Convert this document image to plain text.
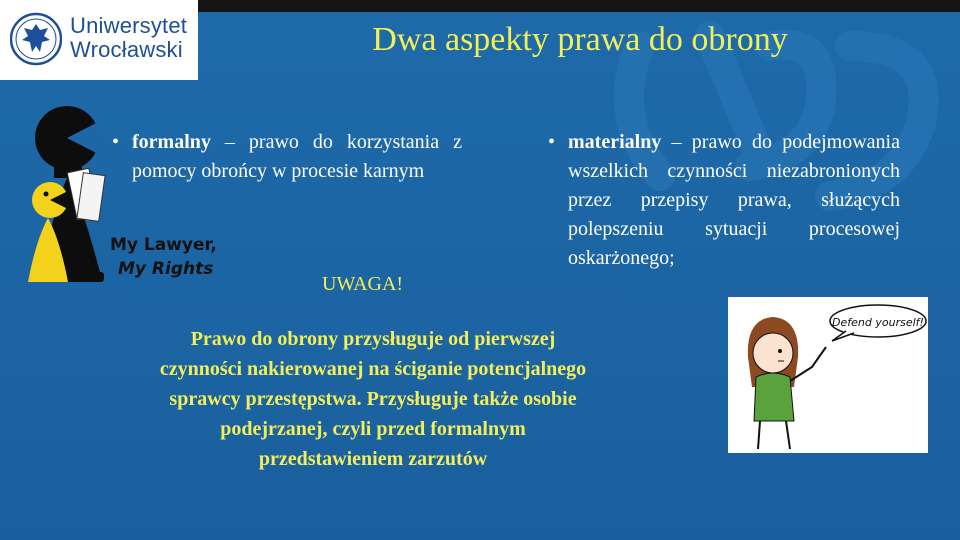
Uniwersytet
Wrocławski	Dwa aspekty prawa do obrony
My Lawyer,
My Rights
• formalny – prawo do korzystania z pomocy obrońcy w procesie karnym
• materialny – prawo do podejmowania wszelkich czynności niezabronionych przez przepisy prawa, służących polepszeniu sytuacji procesowej oskarżonego;
UWAGA!
Prawo do obrony przysługuje od pierwszej czynności nakierowanej na ściganie potencjalnego sprawcy przestępstwa. Przysługuje także osobie podejrzanej, czyli przed formalnym przedstawieniem zarzutów
Defend yourself!
